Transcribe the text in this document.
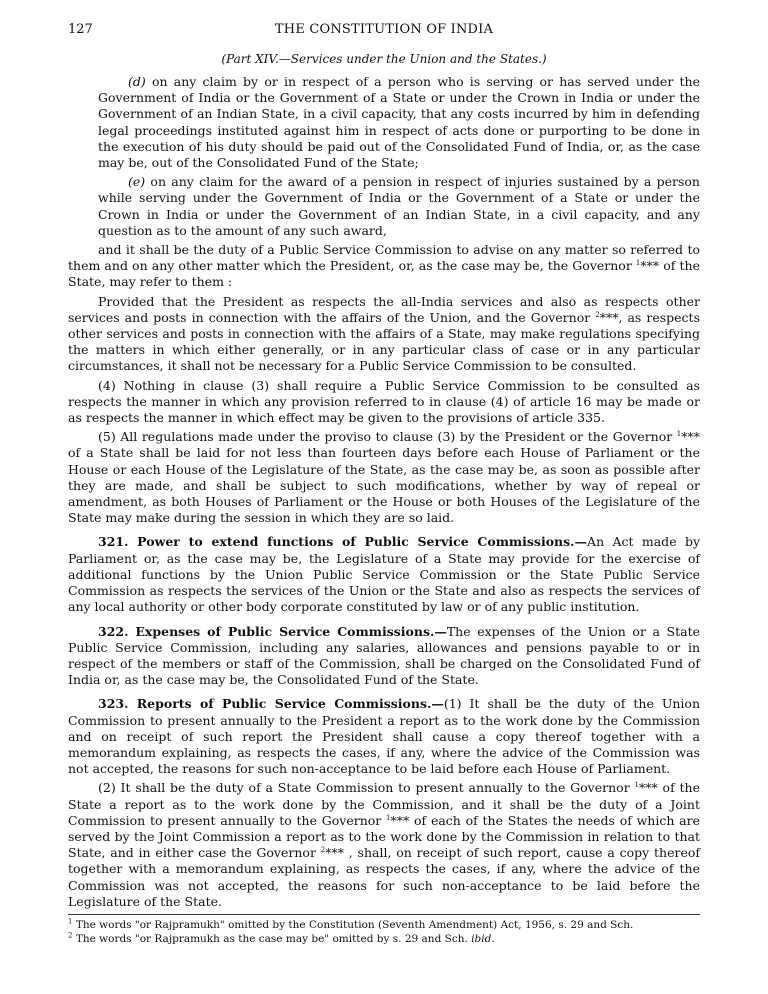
127	THE CONSTITUTION OF INDIA
(Part XIV.—Services under the Union and the States.)

(d) on any claim by or in respect of a person who is serving or has served under the Government of India or the Government of a State or under the Crown in India or under the Government of an Indian State, in a civil capacity, that any costs incurred by him in defending legal proceedings instituted against him in respect of acts done or purporting to be done in the execution of his duty should be paid out of the Consolidated Fund of India, or, as the case may be, out of the Consolidated Fund of the State;

(e) on any claim for the award of a pension in respect of injuries sustained by a person while serving under the Government of India or the Government of a State or under the Crown in India or under the Government of an Indian State, in a civil capacity, and any question as to the amount of any such award,

and it shall be the duty of a Public Service Commission to advise on any matter so referred to them and on any other matter which the President, or, as the case may be, the Governor $^1$*** of the State, may refer to them :

Provided that the President as respects the all-India services and also as respects other services and posts in connection with the affairs of the Union, and the Governor $^2$***, as respects other services and posts in connection with the affairs of a State, may make regulations specifying the matters in which either generally, or in any particular class of case or in any particular circumstances, it shall not be necessary for a Public Service Commission to be consulted.

(4) Nothing in clause (3) shall require a Public Service Commission to be consulted as respects the manner in which any provision referred to in clause (4) of article 16 may be made or as respects the manner in which effect may be given to the provisions of article 335.

(5) All regulations made under the proviso to clause (3) by the President or the Governor $^1$*** of a State shall be laid for not less than fourteen days before each House of Parliament or the House or each House of the Legislature of the State, as the case may be, as soon as possible after they are made, and shall be subject to such modifications, whether by way of repeal or amendment, as both Houses of Parliament or the House or both Houses of the Legislature of the State may make during the session in which they are so laid.

321. Power to extend functions of Public Service Commissions.—An Act made by Parliament or, as the case may be, the Legislature of a State may provide for the exercise of additional functions by the Union Public Service Commission or the State Public Service Commission as respects the services of the Union or the State and also as respects the services of any local authority or other body corporate constituted by law or of any public institution.

322. Expenses of Public Service Commissions.—The expenses of the Union or a State Public Service Commission, including any salaries, allowances and pensions payable to or in respect of the members or staff of the Commission, shall be charged on the Consolidated Fund of India or, as the case may be, the Consolidated Fund of the State.

323. Reports of Public Service Commissions.—(1) It shall be the duty of the Union Commission to present annually to the President a report as to the work done by the Commission and on receipt of such report the President shall cause a copy thereof together with a memorandum explaining, as respects the cases, if any, where the advice of the Commission was not accepted, the reasons for such non-acceptance to be laid before each House of Parliament.

(2) It shall be the duty of a State Commission to present annually to the Governor $^1$*** of the State a report as to the work done by the Commission, and it shall be the duty of a Joint Commission to present annually to the Governor $^1$*** of each of the States the needs of which are served by the Joint Commission a report as to the work done by the Commission in relation to that State, and in either case the Governor $^2$*** , shall, on receipt of such report, cause a copy thereof together with a memorandum explaining, as respects the cases, if any, where the advice of the Commission was not accepted, the reasons for such non-acceptance to be laid before the Legislature of the State.

$^1$ The words "or Rajpramukh" omitted by the Constitution (Seventh Amendment) Act, 1956, s. 29 and Sch.

$^2$ The words "or Rajpramukh as the case may be" omitted by s. 29 and Sch. ibid.
